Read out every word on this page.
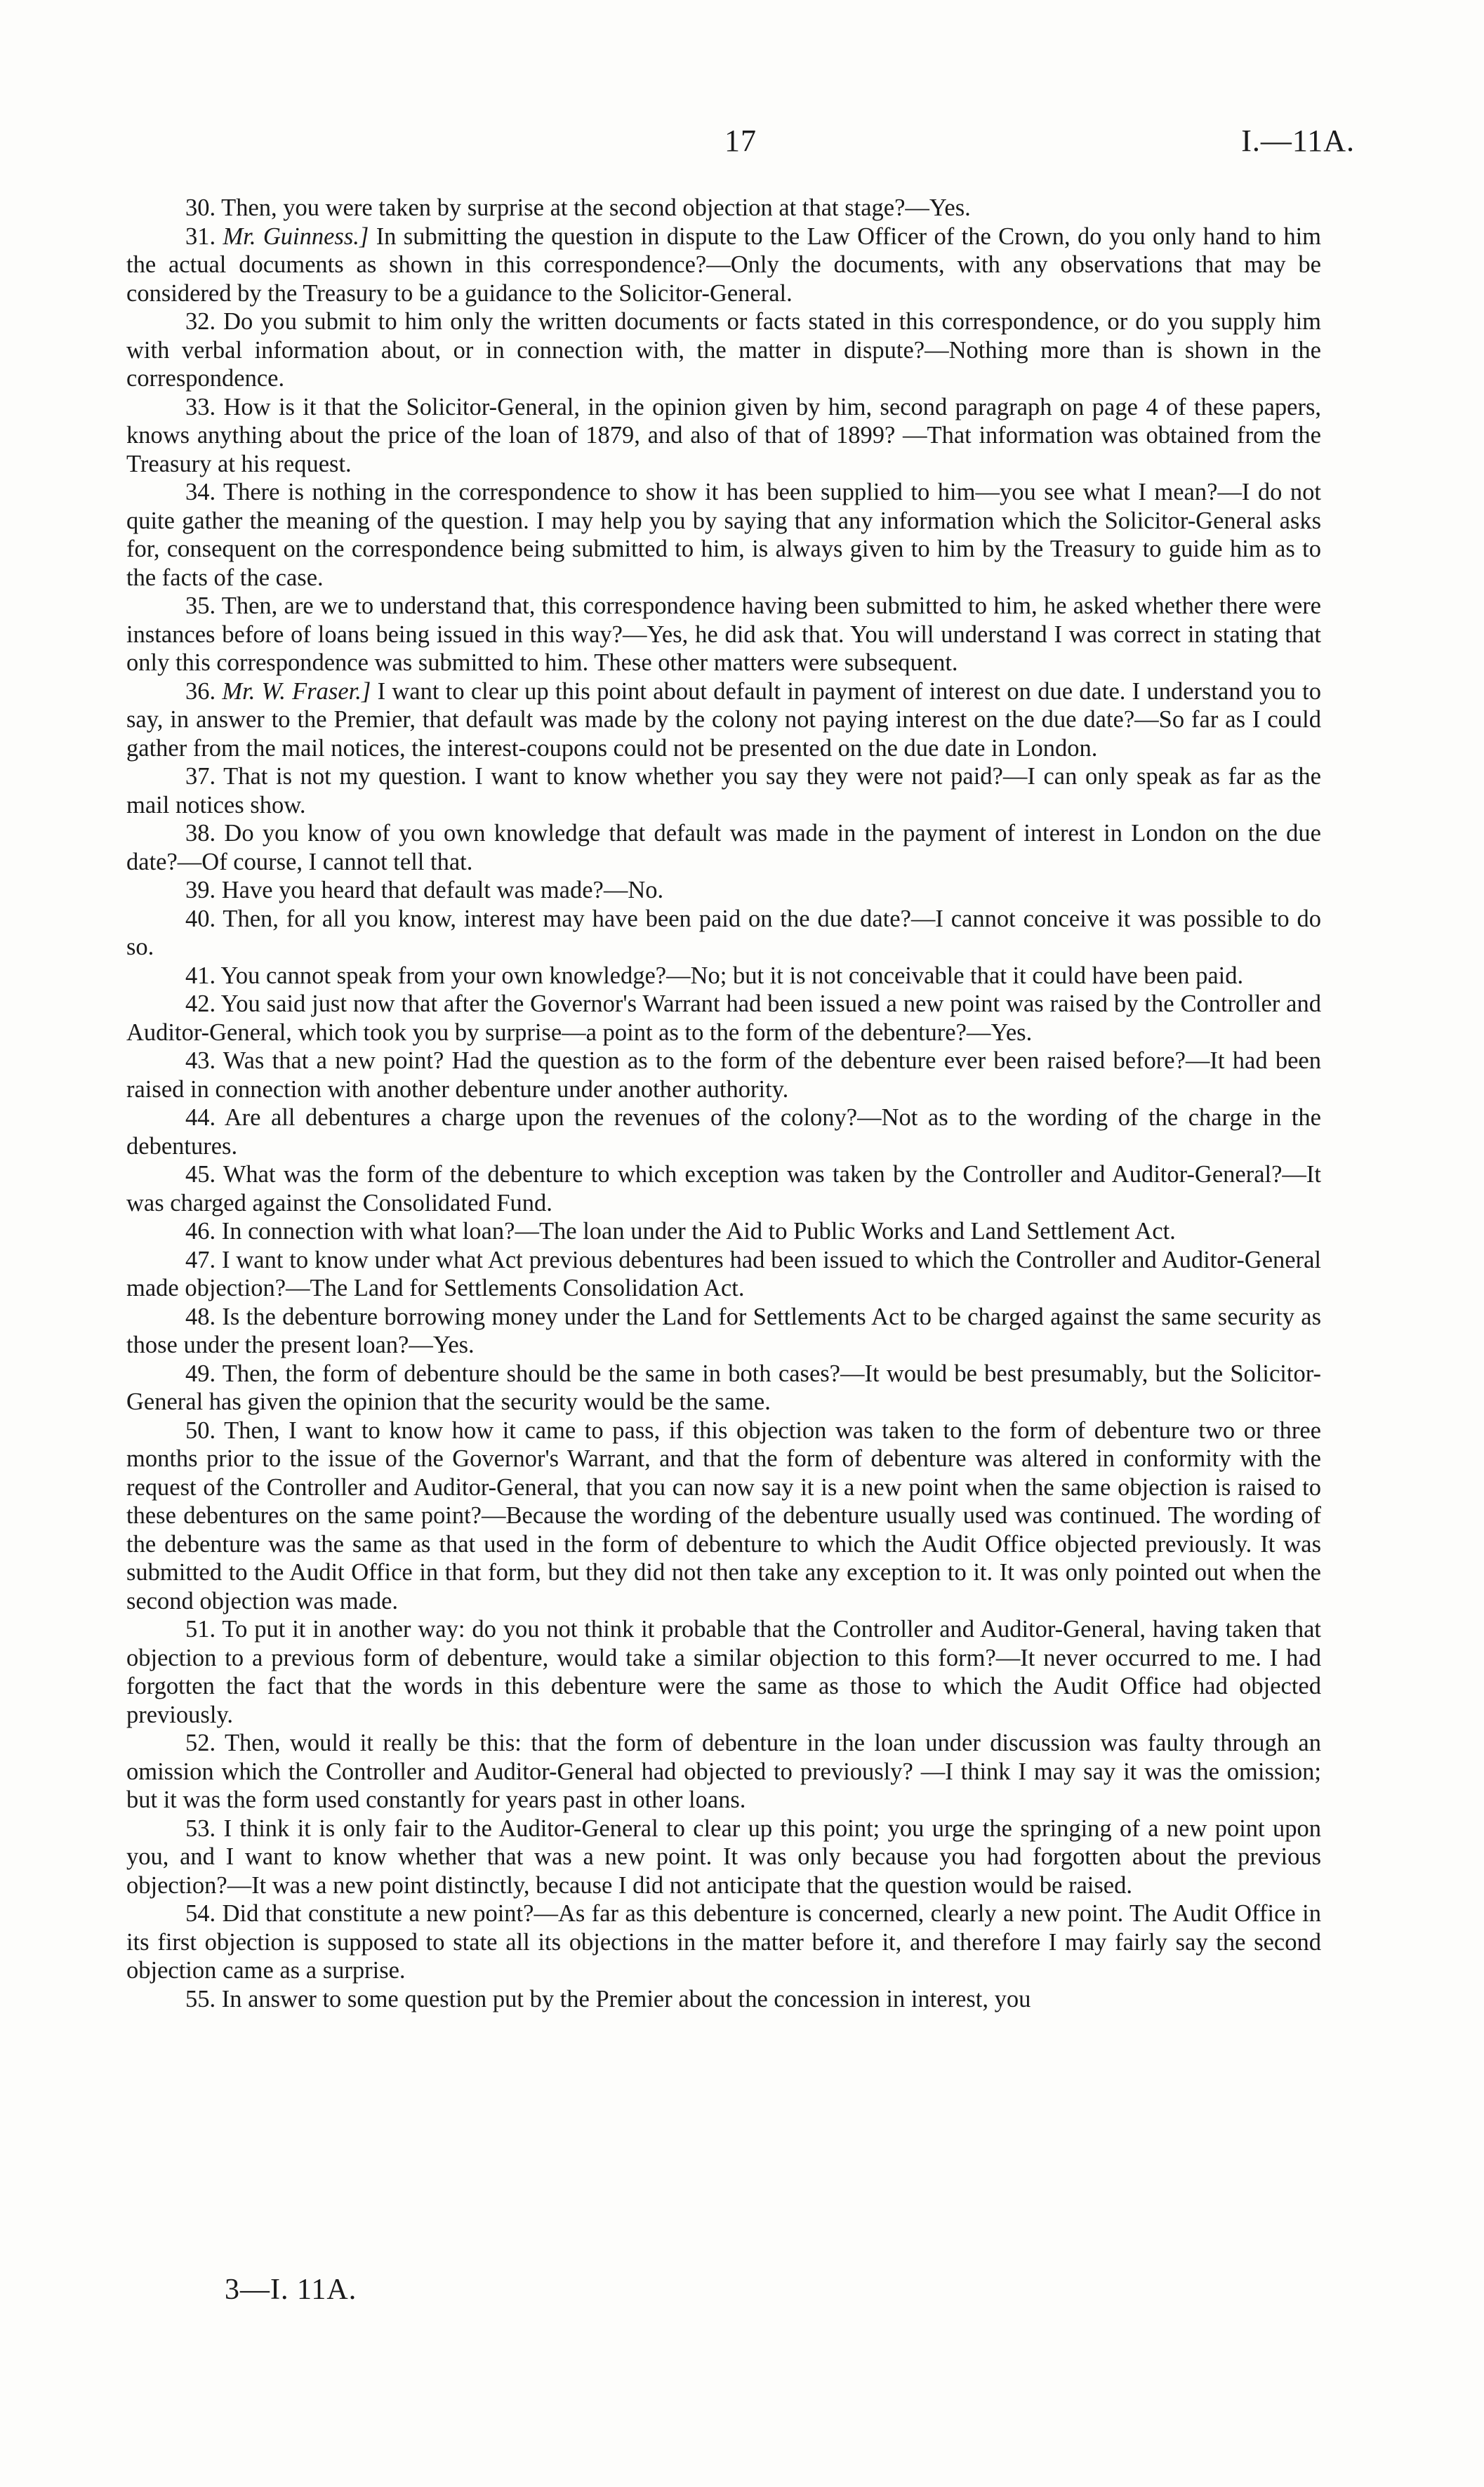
17	I.—11A.

30. Then, you were taken by surprise at the second objection at that stage?—Yes.

31. Mr. Guinness.] In submitting the question in dispute to the Law Officer of the Crown, do you only hand to him the actual documents as shown in this correspondence?—Only the documents, with any observations that may be considered by the Treasury to be a guidance to the Solicitor-General.

32. Do you submit to him only the written documents or facts stated in this correspondence, or do you supply him with verbal information about, or in connection with, the matter in dispute?—Nothing more than is shown in the correspondence.

33. How is it that the Solicitor-General, in the opinion given by him, second paragraph on page 4 of these papers, knows anything about the price of the loan of 1879, and also of that of 1899? —That information was obtained from the Treasury at his request.

34. There is nothing in the correspondence to show it has been supplied to him—you see what I mean?—I do not quite gather the meaning of the question. I may help you by saying that any information which the Solicitor-General asks for, consequent on the correspondence being submitted to him, is always given to him by the Treasury to guide him as to the facts of the case.

35. Then, are we to understand that, this correspondence having been submitted to him, he asked whether there were instances before of loans being issued in this way?—Yes, he did ask that. You will understand I was correct in stating that only this correspondence was submitted to him. These other matters were subsequent.

36. Mr. W. Fraser.] I want to clear up this point about default in payment of interest on due date. I understand you to say, in answer to the Premier, that default was made by the colony not paying interest on the due date?—So far as I could gather from the mail notices, the interest-coupons could not be presented on the due date in London.

37. That is not my question. I want to know whether you say they were not paid?—I can only speak as far as the mail notices show.

38. Do you know of you own knowledge that default was made in the payment of interest in London on the due date?—Of course, I cannot tell that.

39. Have you heard that default was made?—No.

40. Then, for all you know, interest may have been paid on the due date?—I cannot conceive it was possible to do so.

41. You cannot speak from your own knowledge?—No; but it is not conceivable that it could have been paid.

42. You said just now that after the Governor's Warrant had been issued a new point was raised by the Controller and Auditor-General, which took you by surprise—a point as to the form of the debenture?—Yes.

43. Was that a new point? Had the question as to the form of the debenture ever been raised before?—It had been raised in connection with another debenture under another authority.

44. Are all debentures a charge upon the revenues of the colony?—Not as to the wording of the charge in the debentures.

45. What was the form of the debenture to which exception was taken by the Controller and Auditor-General?—It was charged against the Consolidated Fund.

46. In connection with what loan?—The loan under the Aid to Public Works and Land Settlement Act.

47. I want to know under what Act previous debentures had been issued to which the Controller and Auditor-General made objection?—The Land for Settlements Consolidation Act.

48. Is the debenture borrowing money under the Land for Settlements Act to be charged against the same security as those under the present loan?—Yes.

49. Then, the form of debenture should be the same in both cases?—It would be best presumably, but the Solicitor-General has given the opinion that the security would be the same.

50. Then, I want to know how it came to pass, if this objection was taken to the form of debenture two or three months prior to the issue of the Governor's Warrant, and that the form of debenture was altered in conformity with the request of the Controller and Auditor-General, that you can now say it is a new point when the same objection is raised to these debentures on the same point?—Because the wording of the debenture usually used was continued. The wording of the debenture was the same as that used in the form of debenture to which the Audit Office objected previously. It was submitted to the Audit Office in that form, but they did not then take any exception to it. It was only pointed out when the second objection was made.

51. To put it in another way: do you not think it probable that the Controller and Auditor-General, having taken that objection to a previous form of debenture, would take a similar objection to this form?—It never occurred to me. I had forgotten the fact that the words in this debenture were the same as those to which the Audit Office had objected previously.

52. Then, would it really be this: that the form of debenture in the loan under discussion was faulty through an omission which the Controller and Auditor-General had objected to previously? —I think I may say it was the omission; but it was the form used constantly for years past in other loans.

53. I think it is only fair to the Auditor-General to clear up this point; you urge the springing of a new point upon you, and I want to know whether that was a new point. It was only because you had forgotten about the previous objection?—It was a new point distinctly, because I did not anticipate that the question would be raised.

54. Did that constitute a new point?—As far as this debenture is concerned, clearly a new point. The Audit Office in its first objection is supposed to state all its objections in the matter before it, and therefore I may fairly say the second objection came as a surprise.

55. In answer to some question put by the Premier about the concession in interest, you

3—I. 11A.
